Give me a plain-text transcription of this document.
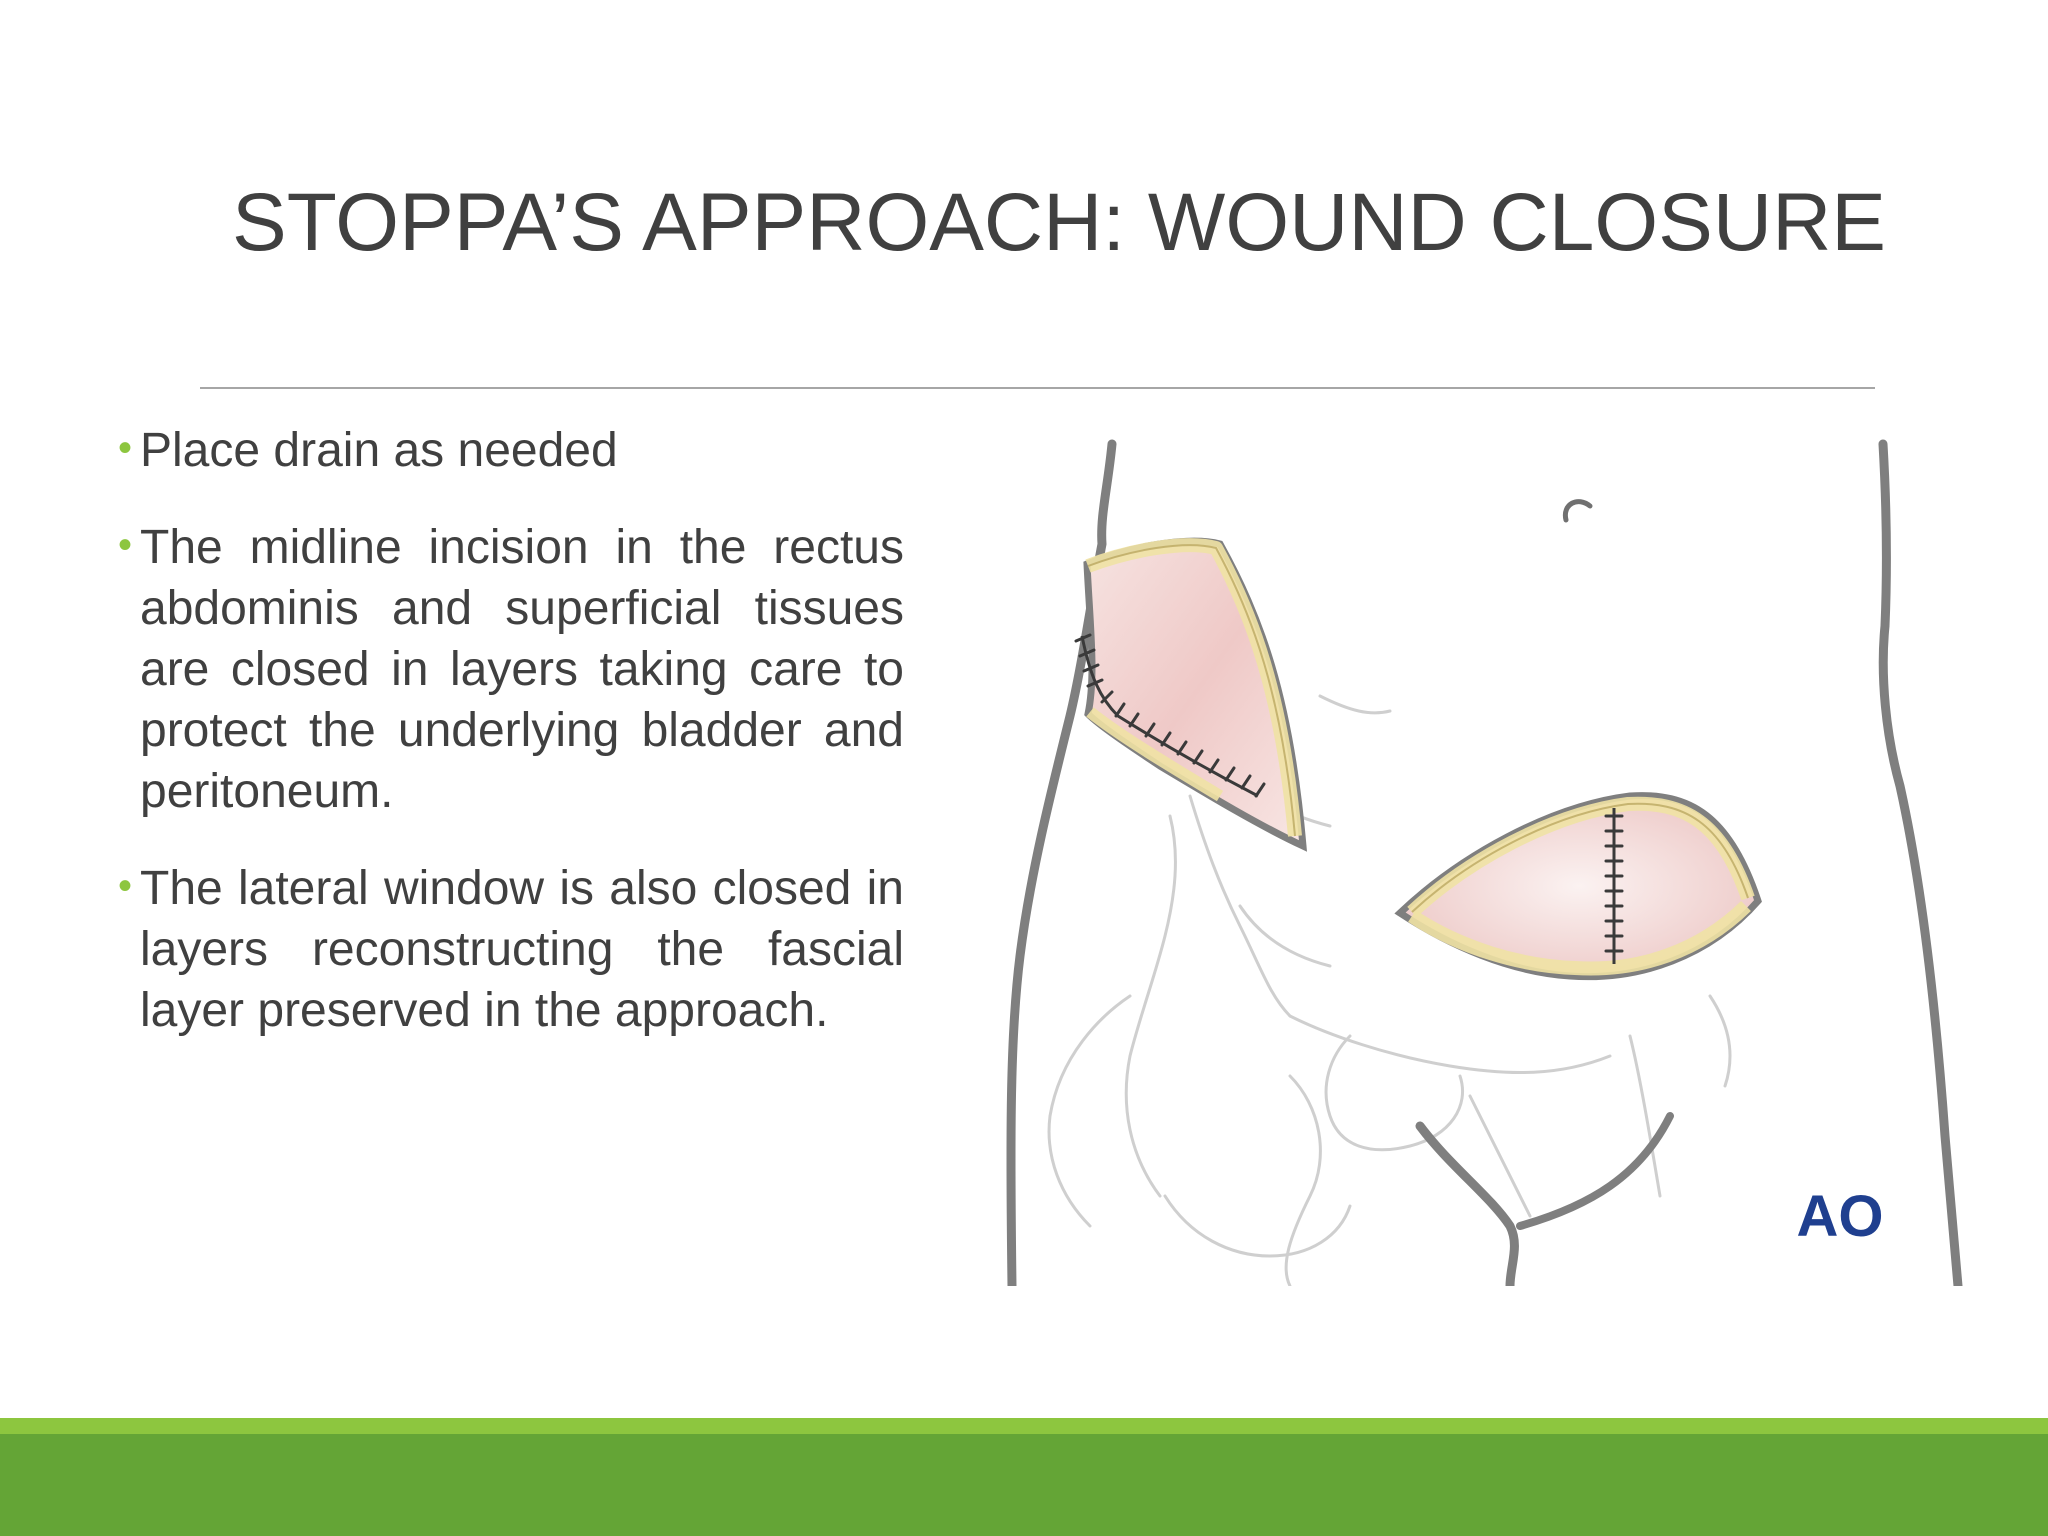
STOPPA’S APPROACH: WOUND CLOSURE
• Place drain as needed
• The midline incision in the rectus abdominis and superficial tissues are closed in layers taking care to protect the underlying bladder and peritoneum.
• The lateral window is also closed in layers reconstructing the fascial layer preserved in the approach.
AO
